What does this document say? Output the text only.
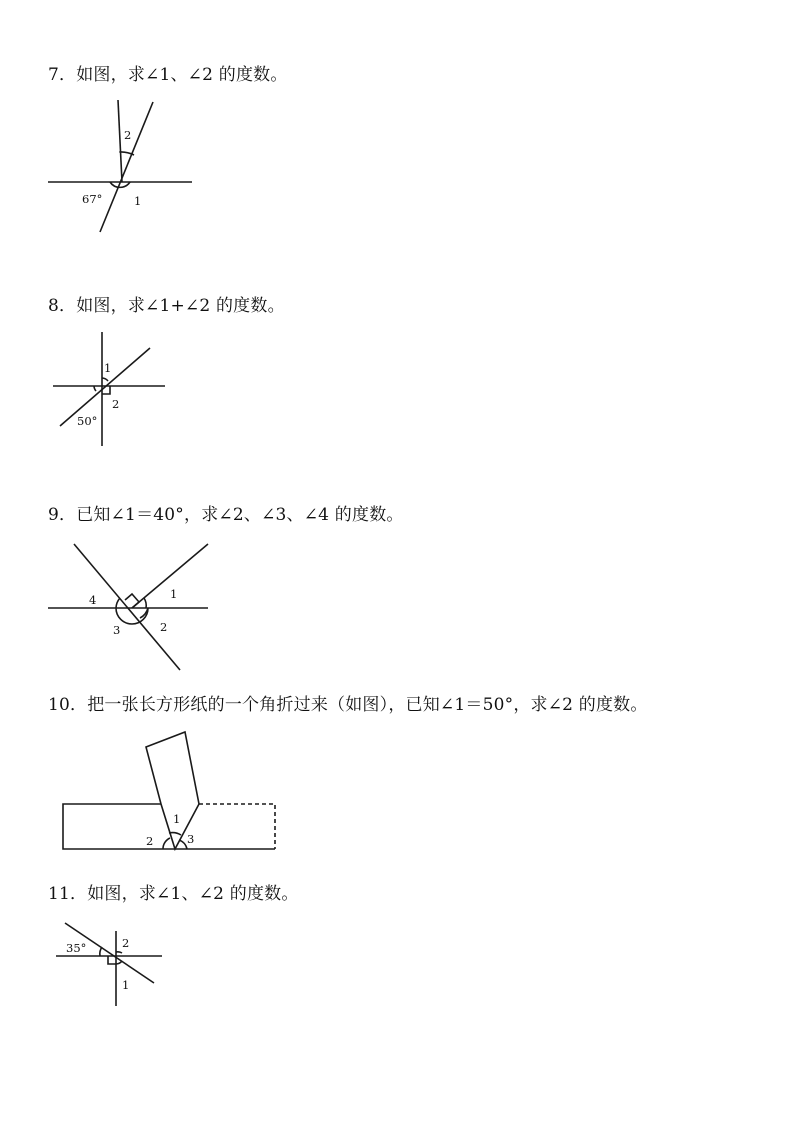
7．如图，求∠1、∠2 的度数。
2
67°	1
8．如图，求∠1+∠2 的度数。
1
2
50°
9．已知∠1＝40°，求∠2、∠3、∠4 的度数。
4	1
3	2
10．把一张长方形纸的一个角折过来（如图），已知∠1＝50°，求∠2 的度数。
1
2	3
11．如图，求∠1、∠2 的度数。
35°	2
1
